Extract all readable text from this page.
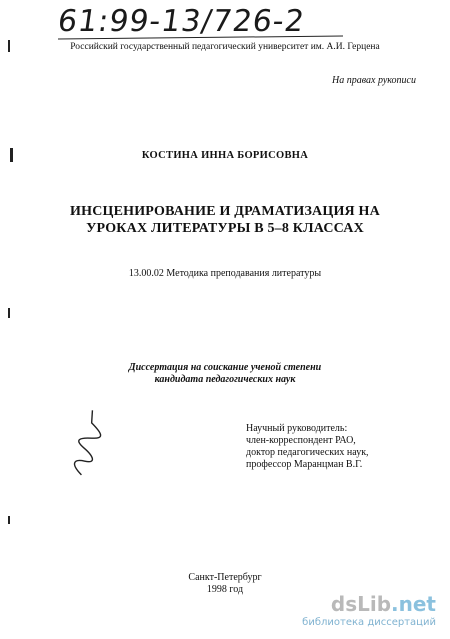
61:99-13/726-2
Российский государственный педагогический университет им. А.И. Герцена
На правах рукописи
КОСТИНА ИННА БОРИСОВНА
ИНСЦЕНИРОВАНИЕ И ДРАМАТИЗАЦИЯ НА
УРОКАХ ЛИТЕРАТУРЫ В 5–8 КЛАССАХ
13.00.02 Методика преподавания литературы
Диссертация на соискание ученой степени
кандидата педагогических наук
Научный руководитель:
член-корреспондент РАО,
доктор педагогических наук,
профессор Маранцман В.Г.
Санкт-Петербург
1998 год
dsLib.net
библиотека диссертаций
